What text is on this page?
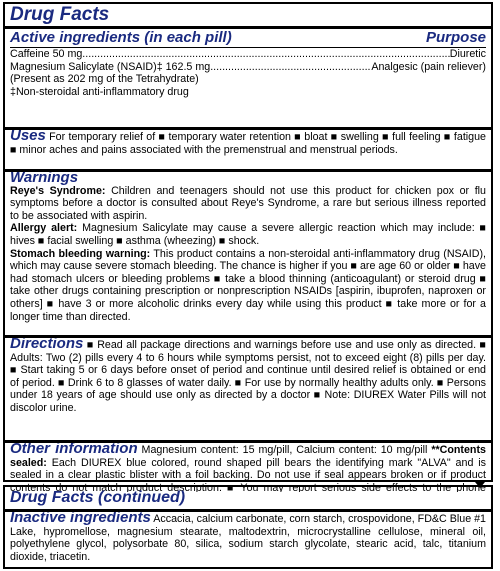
Drug Facts
Active ingredients (in each pill)	Purpose
Caffeine 50 mg .....	Diuretic
Magnesium Salicylate (NSAID)‡ 162.5 mg .....	Analgesic (pain reliever)
(Present as 202 mg of the Tetrahydrate)
‡Non-steroidal anti-inflammatory drug
Uses For temporary relief of ■ temporary water retention ■ bloat ■ swelling ■ full feeling ■ fatigue ■ minor aches and pains associated with the premenstrual and menstrual periods.
Warnings
Reye's Syndrome: Children and teenagers should not use this product for chicken pox or flu symptoms before a doctor is consulted about Reye's Syndrome, a rare but serious illness reported to be associated with aspirin.
Allergy alert: Magnesium Salicylate may cause a severe allergic reaction which may include: ■ hives ■ facial swelling ■ asthma (wheezing) ■ shock.
Stomach bleeding warning: This product contains a non-steroidal anti-inflammatory drug (NSAID), which may cause severe stomach bleeding. The chance is higher if you ■ are age 60 or older ■ have had stomach ulcers or bleeding problems ■ take a blood thinning (anticoagulant) or steroid drug ■ take other drugs containing prescription or nonprescription NSAIDs [aspirin, ibuprofen, naproxen or others] ■ have 3 or more alcoholic drinks every day while using this product ■ take more or for a longer time than directed.
Directions ■ Read all package directions and warnings before use and use only as directed. ■ Adults: Two (2) pills every 4 to 6 hours while symptoms persist, not to exceed eight (8) pills per day. ■ Start taking 5 or 6 days before onset of period and continue until desired relief is obtained or end of period. ■ Drink 6 to 8 glasses of water daily. ■ For use by normally healthy adults only. ■ Persons under 18 years of age should use only as directed by a doctor ■ Note: DIUREX Water Pills will not discolor urine.
Other information Magnesium content: 15 mg/pill, Calcium content: 10 mg/pill **Contents sealed: Each DIUREX blue colored, round shaped pill bears the identifying mark "ALVA" and is sealed in a clear plastic blister with a foil backing. Do not use if seal appears broken or if product contents do not match product description. ■ You may report serious side effects to the phone
Drug Facts (continued)
Inactive ingredients Accacia, calcium carbonate, corn starch, crospovidone, FD&C Blue #1 Lake, hypromellose, magnesium stearate, maltodextrin, microcrystalline cellulose, mineral oil, polyethylene glycol, polysorbate 80, silica, sodium starch glycolate, stearic acid, talc, titanium dioxide, triacetin.
